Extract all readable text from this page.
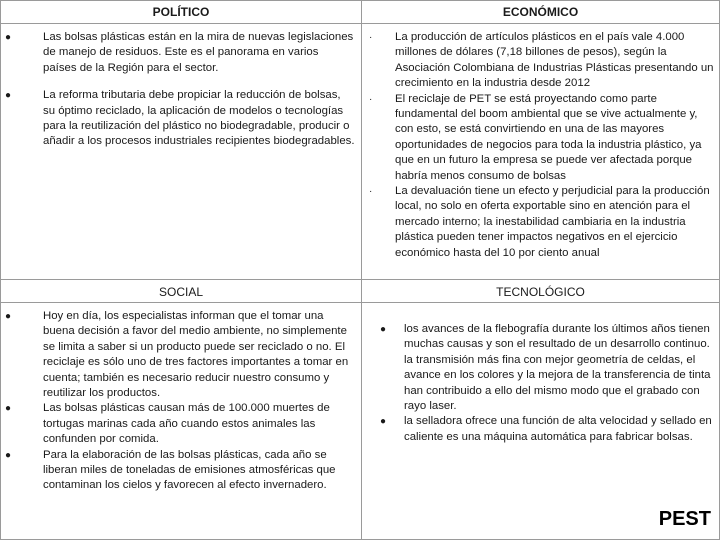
POLÍTICO
●	Las bolsas plásticas están en la mira de nuevas legislaciones de manejo de residuos. Este es el panorama en varios países de la Región para el sector.
●	La reforma tributaria debe propiciar la reducción de bolsas, su óptimo reciclado, la aplicación de modelos o tecnologías para la reutilización del plástico no biodegradable, producir o añadir a los procesos industriales recipientes biodegradables.
ECONÓMICO
· La producción de artículos plásticos en el país vale 4.000 millones de dólares (7,18 billones de pesos), según la Asociación Colombiana de Industrias Plásticas presentando un crecimiento en la industria desde 2012
· El reciclaje de PET se está proyectando como parte fundamental del boom ambiental que se vive actualmente y, con esto, se está convirtiendo en una de las mayores oportunidades de negocios para toda la industria plástico, ya que en un futuro la empresa se puede ver afectada porque habría menos consumo de bolsas
· La devaluación tiene un efecto y perjudicial para la producción local, no solo en oferta exportable sino en atención para el mercado interno; la inestabilidad cambiaria en la industria plástica pueden tener impactos negativos en el ejercicio económico hasta del 10 por ciento anual
SOCIAL
●	Hoy en día, los especialistas informan que el tomar una buena decisión a favor del medio ambiente, no simplemente se limita a saber si un producto puede ser reciclado o no. El reciclaje es sólo uno de tres factores importantes a tomar en cuenta; también es necesario reducir nuestro consumo y reutilizar los productos.
●	Las bolsas plásticas causan más de 100.000 muertes de tortugas marinas cada año cuando estos animales las confunden por comida.
●	Para la elaboración de las bolsas plásticas, cada año se liberan miles de toneladas de emisiones atmosféricas que contaminan los cielos y favorecen al efecto invernadero.
TECNOLÓGICO
● los avances de la flebografía durante los últimos años tienen muchas causas y son el resultado de un desarrollo continuo. la transmisión más fina con mejor geometría de celdas, el avance en los colores y la mejora de la transferencia de tinta han contribuido a ello del mismo modo que el grabado con rayo laser.
● la selladora ofrece una función de alta velocidad y sellado en caliente es una máquina automática para fabricar bolsas.
PEST
